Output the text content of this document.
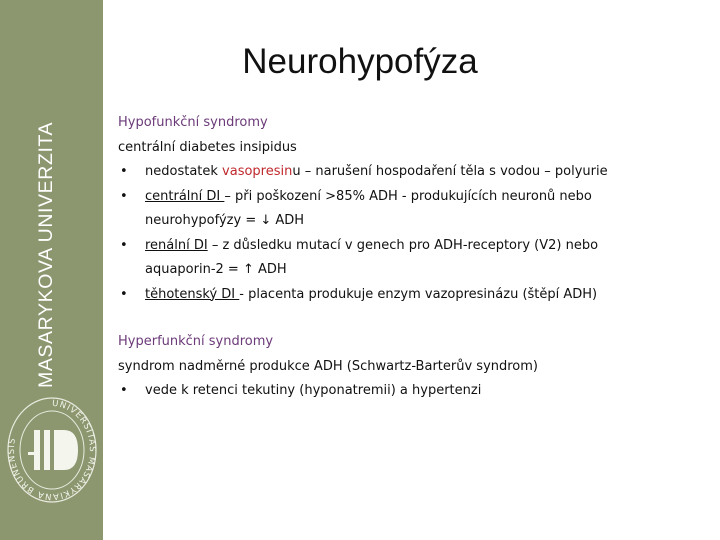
MASARYKOVA UNIVERZITA
UNIVERSITAS MASARYKIANA BRUNENSIS
Neurohypofýza
Hypofunkční syndromy
centrální diabetes insipidus
•	nedostatek vasopresinu – narušení hospodaření těla s vodou – polyurie
•	centrální DI – při poškození >85% ADH - produkujících neuronů nebo
neurohypofýzy = ↓ ADH
•	renální DI – z důsledku mutací v genech pro ADH-receptory (V2) nebo
aquaporin-2 = ↑ ADH
•	těhotenský DI - placenta produkuje enzym vazopresinázu (štěpí ADH)
Hyperfunkční syndromy
syndrom nadměrné produkce ADH (Schwartz-Barterův syndrom)
•	vede k retenci tekutiny (hyponatremii) a hypertenzi
